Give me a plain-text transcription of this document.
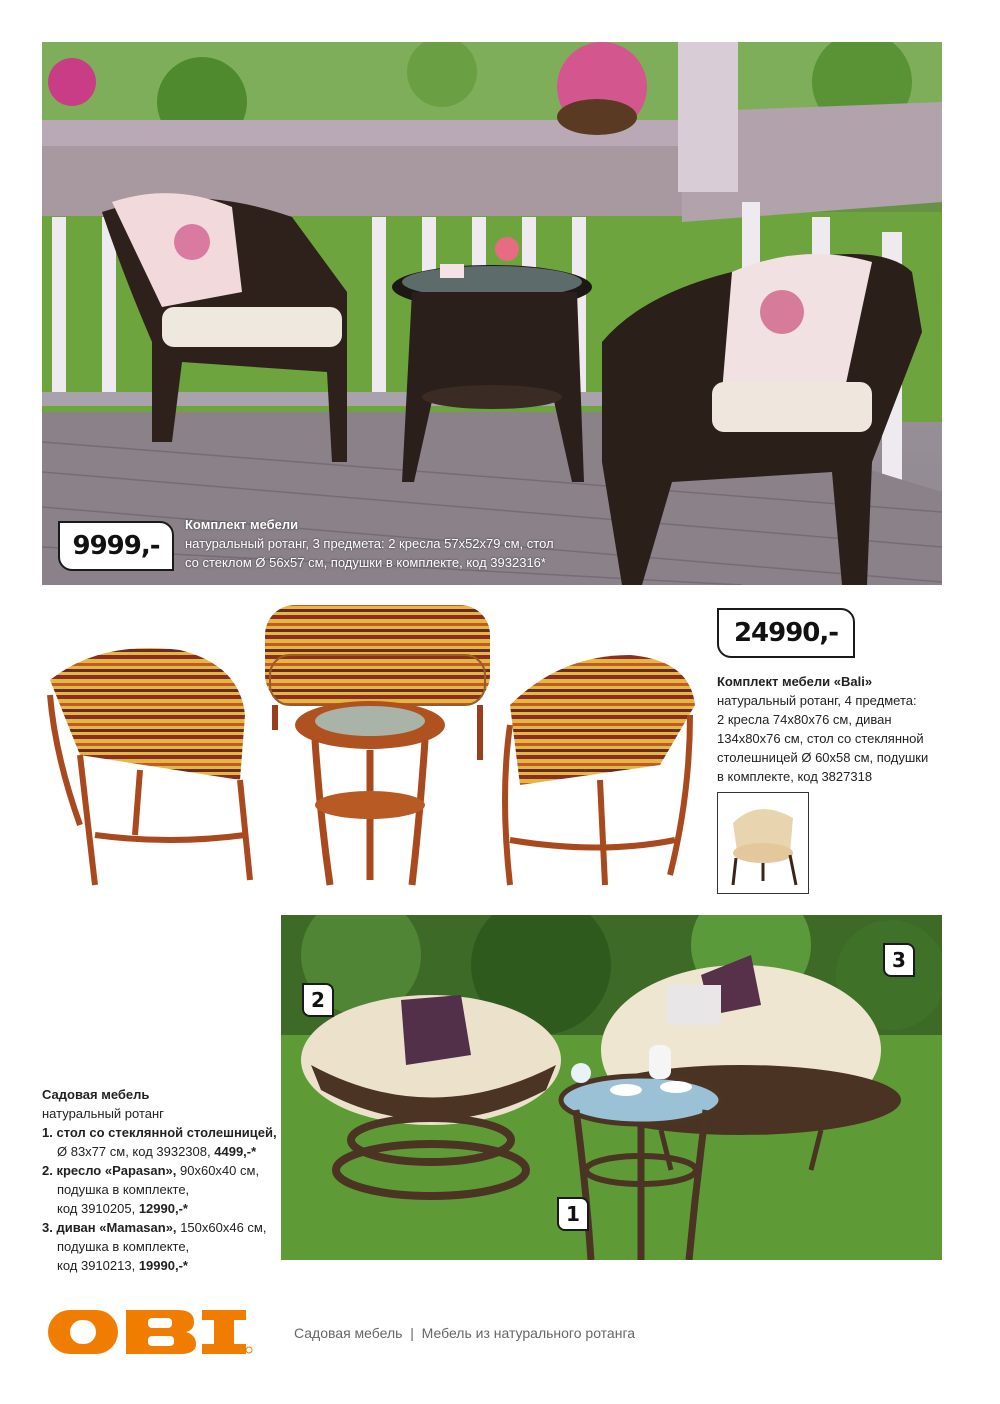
9999,-
Комплект мебели
натуральный ротанг, 3 предмета: 2 кресла 57х52х79 см, стол
со стеклом Ø 56х57 см, подушки в комплекте, код 3932316*
24990,-
Комплект мебели «Bali»
натуральный ротанг, 4 предмета:
2 кресла 74х80х76 см, диван
134х80х76 см, стол со стеклянной
столешницей Ø 60х58 см, подушки
в комплекте, код 3827318
1
2
3
Садовая мебель
натуральный ротанг
1. стол со стеклянной столешницей,
Ø 83х77 см, код 3932308, 4499,-*
2. кресло «Papasan», 90х60х40 см,
подушка в комплекте,
код 3910205, 12990,-*
3. диван «Mamasan», 150х60х46 см,
подушка в комплекте,
код 3910213, 19990,-*
Садовая мебель  |  Мебель из натурального ротанга
